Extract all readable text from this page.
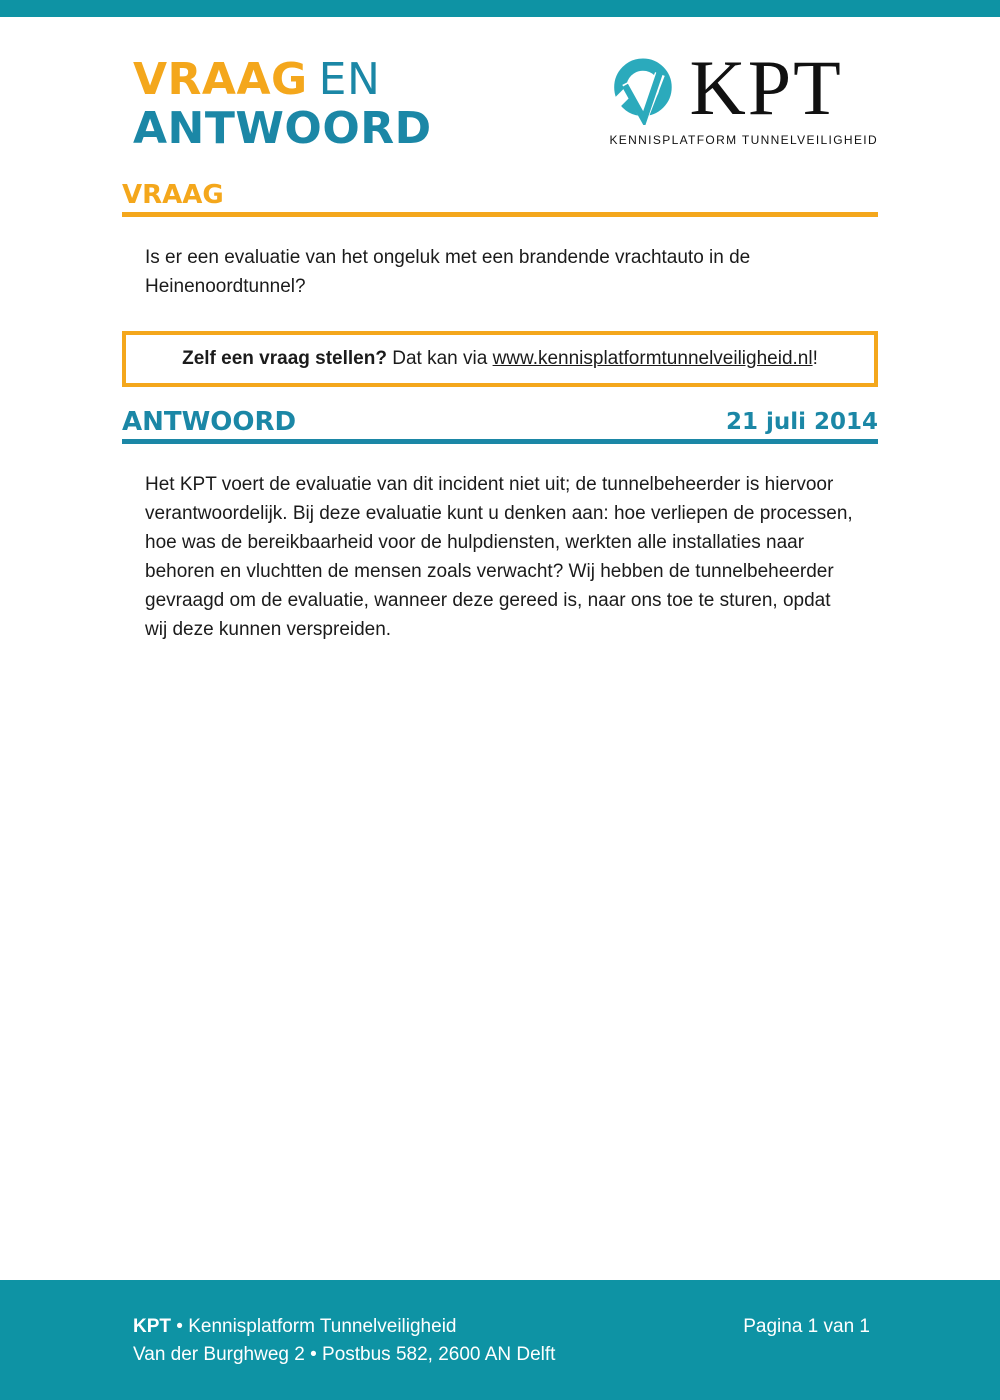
VRAAG EN
ANTWOORD	KPT
KENNISPLATFORM TUNNELVEILIGHEID
VRAAG

Is er een evaluatie van het ongeluk met een brandende vrachtauto in de Heinenoordtunnel?

Zelf een vraag stellen? Dat kan via www.kennisplatformtunnelveiligheid.nl!
ANTWOORD	21 juli 2014

Het KPT voert de evaluatie van dit incident niet uit; de tunnelbeheerder is hiervoor verantwoordelijk. Bij deze evaluatie kunt u denken aan: hoe verliepen de processen, hoe was de bereikbaarheid voor de hulpdiensten, werkten alle installaties naar behoren en vluchtten de mensen zoals verwacht? Wij hebben de tunnelbeheerder gevraagd om de evaluatie, wanneer deze gereed is, naar ons toe te sturen, opdat wij deze kunnen verspreiden.

KPT • Kennisplatform Tunnelveiligheid
Van der Burghweg 2 • Postbus 582, 2600 AN Delft
Pagina 1 van 1
